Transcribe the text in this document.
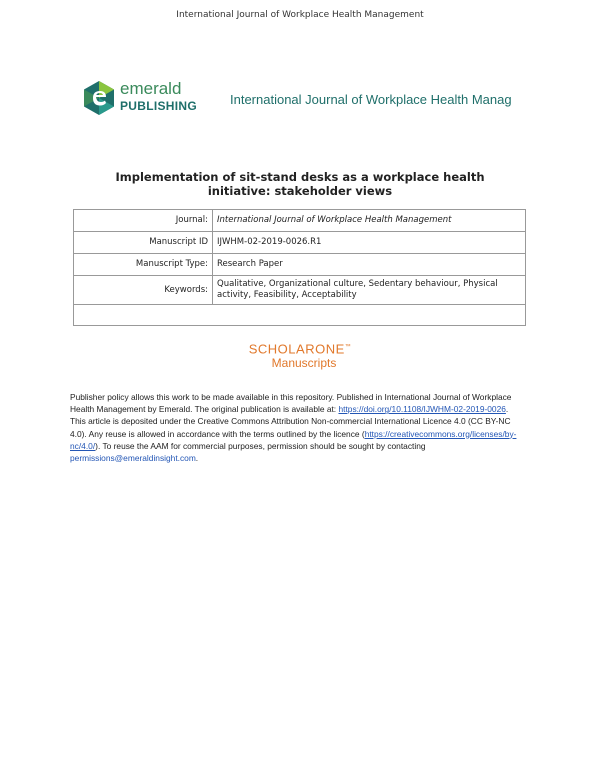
International Journal of Workplace Health Management
emerald
PUBLISHING	International Journal of Workplace Health Manag
Implementation of sit-stand desks as a workplace health initiative: stakeholder views
Journal:	International Journal of Workplace Health Management
Manuscript ID	IJWHM-02-2019-0026.R1
Manuscript Type:	Research Paper
Keywords:	Qualitative, Organizational culture, Sedentary behaviour, Physical activity, Feasibility, Acceptability

SCHOLARONE™
Manuscripts
Publisher policy allows this work to be made available in this repository. Published in International Journal of Workplace Health Management by Emerald. The original publication is available at: https://doi.org/10.1108/IJWHM-02-2019-0026. This article is deposited under the Creative Commons Attribution Non-commercial International Licence 4.0 (CC BY-NC 4.0). Any reuse is allowed in accordance with the terms outlined by the licence (https://creativecommons.org/licenses/by-nc/4.0/). To reuse the AAM for commercial purposes, permission should be sought by contacting permissions@emeraldinsight.com.
